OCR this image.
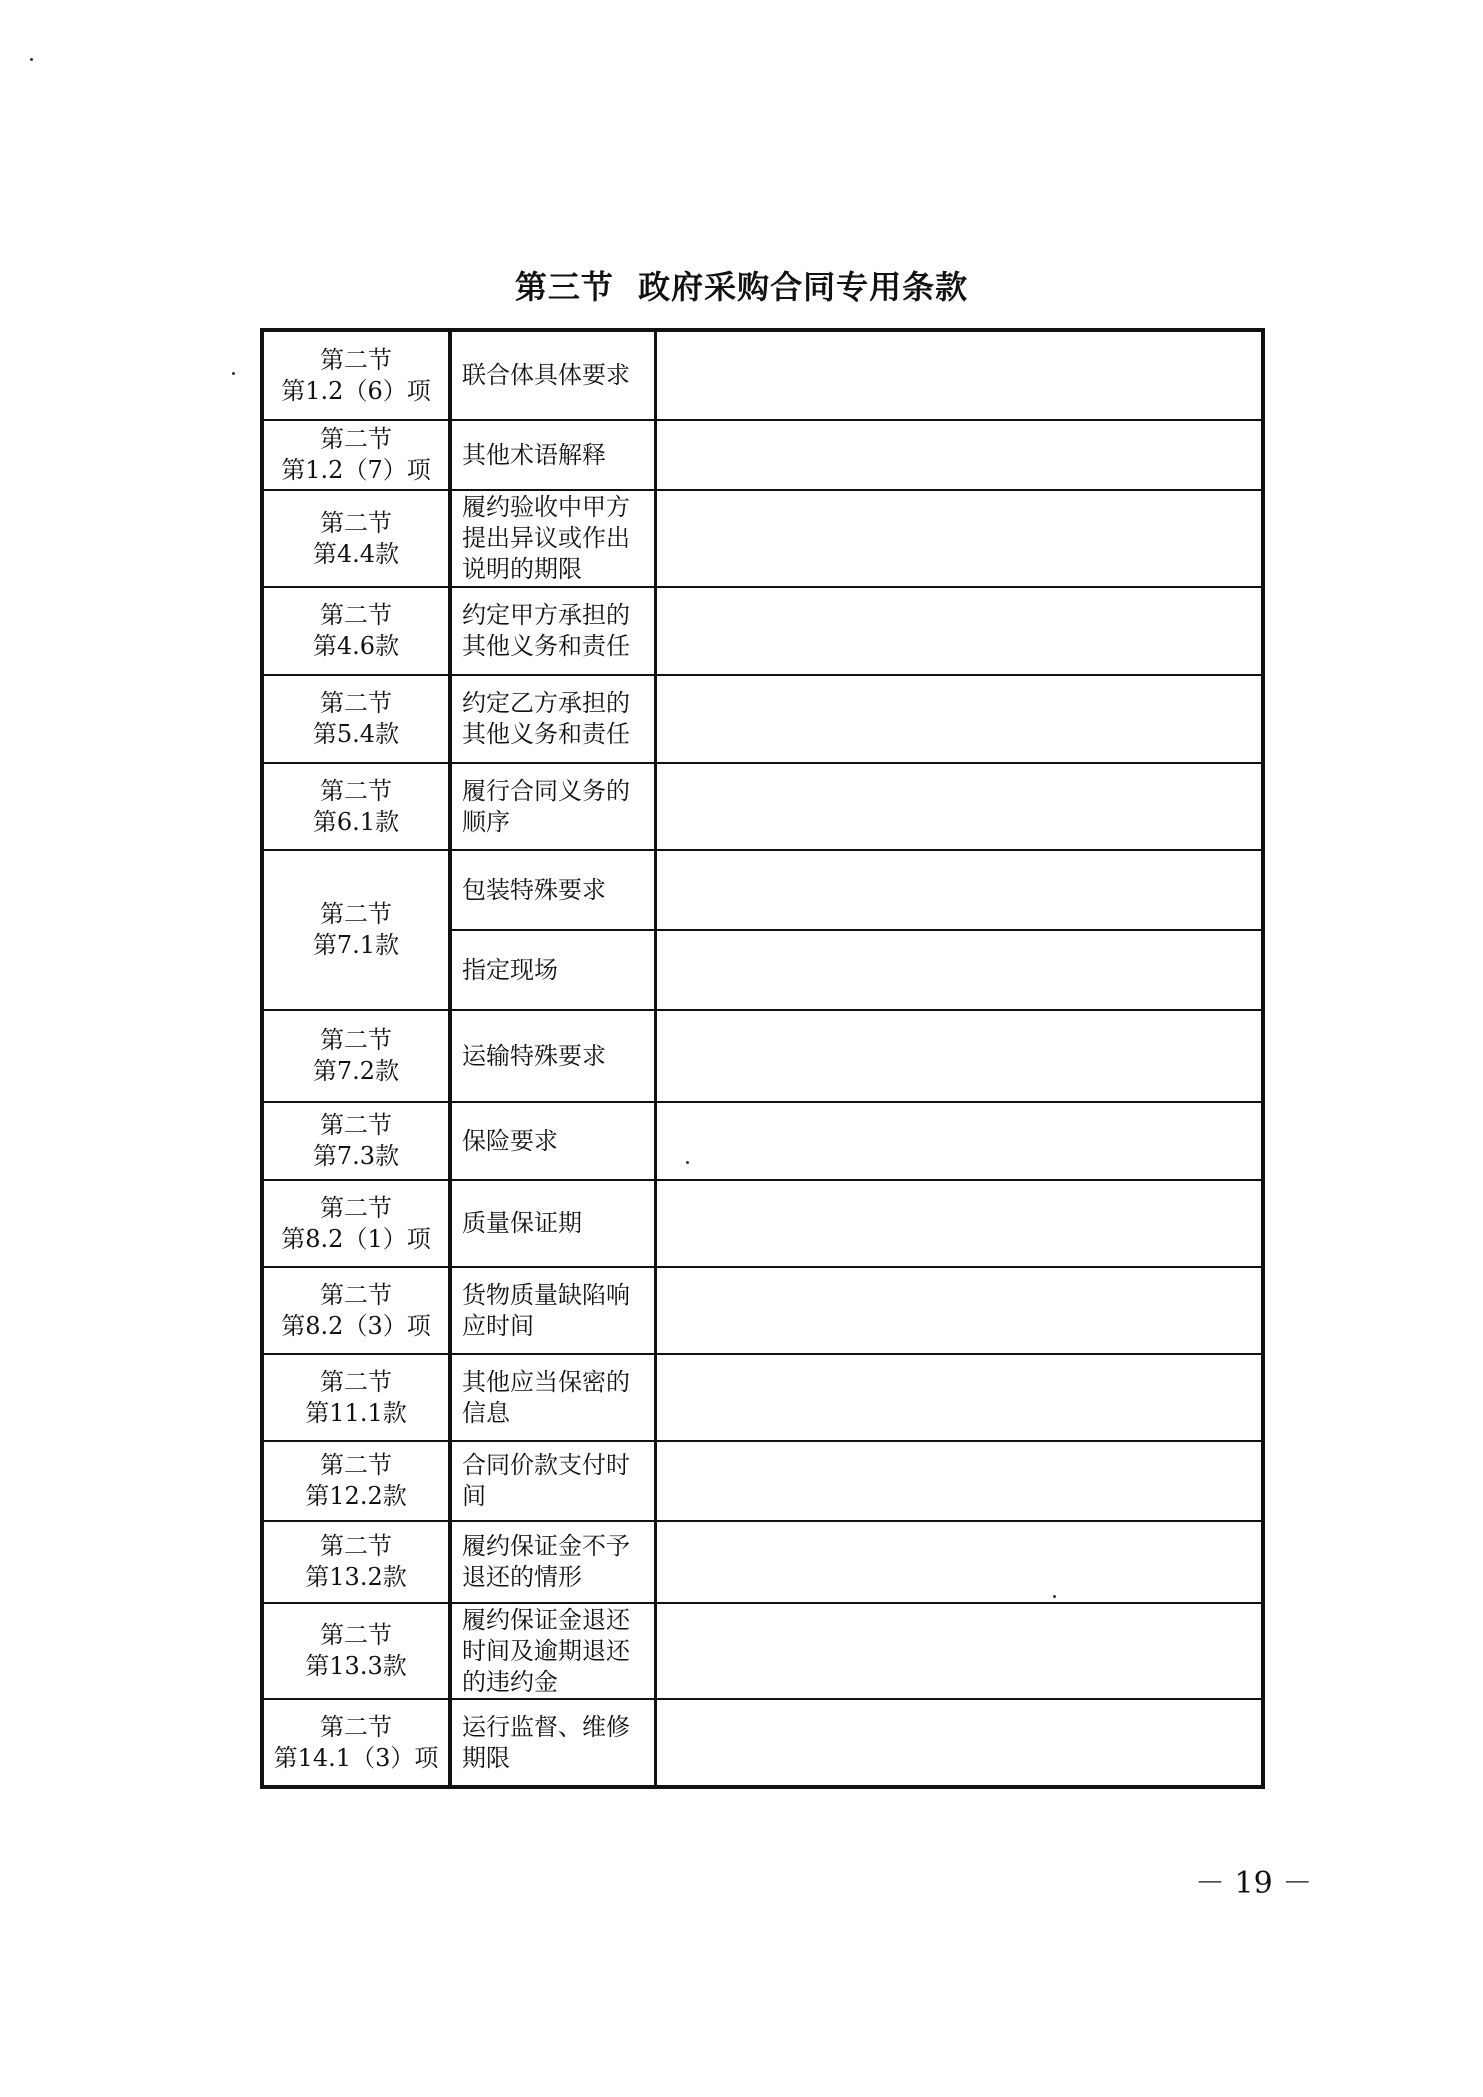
第三节  政府采购合同专用条款
第二节
第1.2（6）项	联合体具体要求	

第二节
第1.2（7）项	其他术语解释	

第二节
第4.4款	履约验收中甲方提出异议或作出说明的期限	

第二节
第4.6款	约定甲方承担的其他义务和责任	

第二节
第5.4款	约定乙方承担的其他义务和责任	

第二节
第6.1款	履行合同义务的顺序	

第二节
第7.1款	包装特殊要求	
	指定现场	

第二节
第7.2款	运输特殊要求	

第二节
第7.3款	保险要求	

第二节
第8.2（1）项	质量保证期	

第二节
第8.2（3）项	货物质量缺陷响应时间	

第二节
第11.1款	其他应当保密的信息	

第二节
第12.2款	合同价款支付时间	

第二节
第13.2款	履约保证金不予退还的情形	

第二节
第13.3款	履约保证金退还时间及逾期退还的违约金	

第二节
第14.1（3）项	运行监督、维修期限	
－ 19 －
